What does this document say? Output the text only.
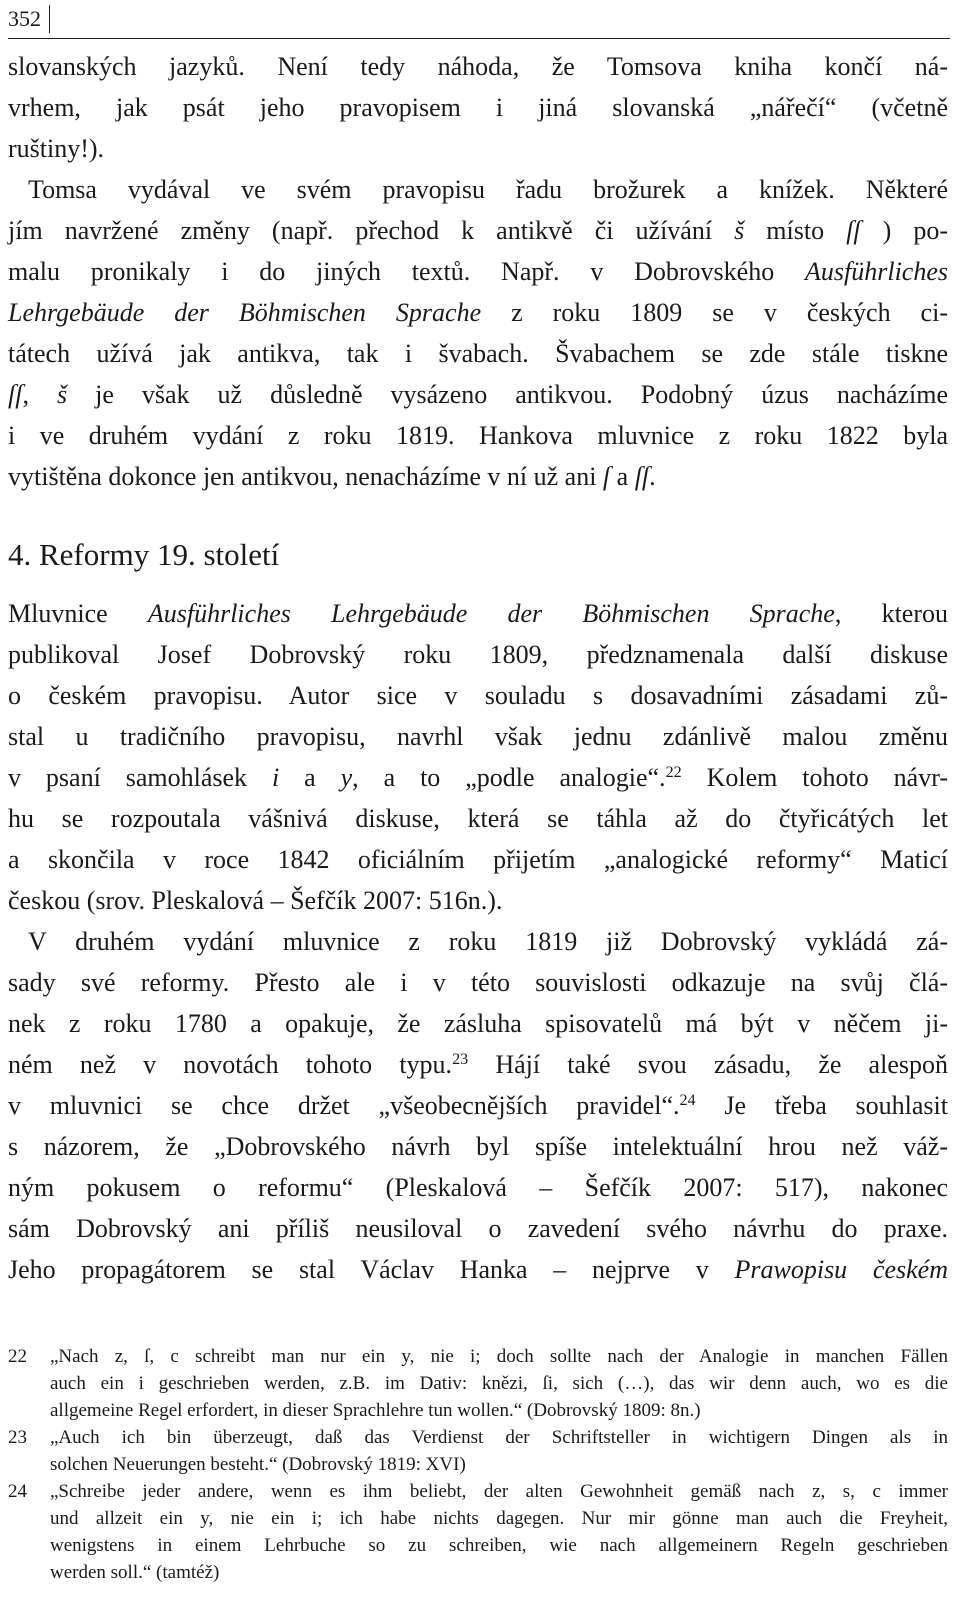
352
slovanských jazyků. Není tedy náhoda, že Tomsova kniha končí ná-
vrhem, jak psát jeho pravopisem i jiná slovanská „nářečí“ (včetně
ruštiny!).
Tomsa vydával ve svém pravopisu řadu brožurek a knížek. Některé
jím navržené změny (např. přechod k antikvě či užívání š místo ſſ ) po-
malu pronikaly i do jiných textů. Např. v Dobrovského Ausführliches
Lehrgebäude der Böhmischen Sprache z roku 1809 se v českých ci-
tátech užívá jak antikva, tak i švabach. Švabachem se zde stále tiskne
ſſ, š je však už důsledně vysázeno antikvou. Podobný úzus nacházíme
i ve druhém vydání z roku 1819. Hankova mluvnice z roku 1822 byla
vytištěna dokonce jen antikvou, nenacházíme v ní už ani ſ a ſſ.
4. Reformy 19. století
Mluvnice Ausführliches Lehrgebäude der Böhmischen Sprache, kterou
publikoval Josef Dobrovský roku 1809, předznamenala další diskuse
o českém pravopisu. Autor sice v souladu s dosavadními zásadami zů-
stal u tradičního pravopisu, navrhl však jednu zdánlivě malou změnu
v psaní samohlásek i a y, a to „podle analogie“.$^{22}$ Kolem tohoto návr-
hu se rozpoutala vášnivá diskuse, která se táhla až do čtyřicátých let
a skončila v roce 1842 oficiálním přijetím „analogické reformy“ Maticí
českou (srov. Pleskalová – Šefčík 2007: 516n.).
V druhém vydání mluvnice z roku 1819 již Dobrovský vykládá zá-
sady své reformy. Přesto ale i v této souvislosti odkazuje na svůj člá-
nek z roku 1780 a opakuje, že zásluha spisovatelů má být v něčem ji-
ném než v novotách tohoto typu.$^{23}$ Hájí také svou zásadu, že alespoň
v mluvnici se chce držet „všeobecnějších pravidel“.$^{24}$ Je třeba souhlasit
s názorem, že „Dobrovského návrh byl spíše intelektuální hrou než váž-
ným pokusem o reformu“ (Pleskalová – Šefčík 2007: 517), nakonec
sám Dobrovský ani příliš neusiloval o zavedení svého návrhu do praxe.
Jeho propagátorem se stal Václav Hanka – nejprve v Prawopisu českém
22 „Nach z, ſ, c schreibt man nur ein y, nie i; doch sollte nach der Analogie in manchen Fällen
auch ein i geschrieben werden, z.B. im Dativ: knězi, ſi, sich (…), das wir denn auch, wo es die
allgemeine Regel erfordert, in dieser Sprachlehre tun wollen.“ (Dobrovský 1809: 8n.)
23 „Auch ich bin überzeugt, daß das Verdienst der Schriftsteller in wichtigern Dingen als in
solchen Neuerungen besteht.“ (Dobrovský 1819: XVI)
24 „Schreibe jeder andere, wenn es ihm beliebt, der alten Gewohnheit gemäß nach z, s, c immer
und allzeit ein y, nie ein i; ich habe nichts dagegen. Nur mir gönne man auch die Freyheit,
wenigstens in einem Lehrbuche so zu schreiben, wie nach allgemeinern Regeln geschrieben
werden soll.“ (tamtéž)
